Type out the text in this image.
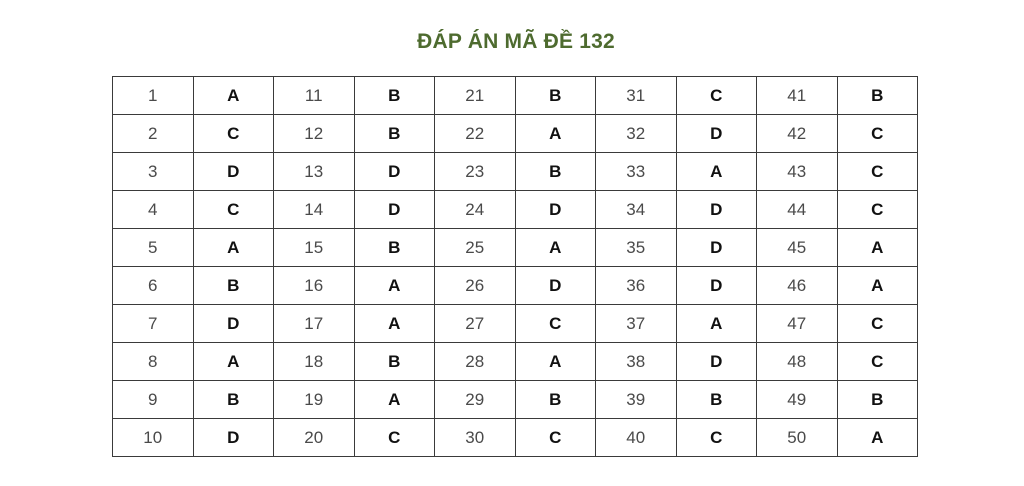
ĐÁP ÁN MÃ ĐỀ 132
1	A	11	B	21	B	31	C	41	B
2	C	12	B	22	A	32	D	42	C
3	D	13	D	23	B	33	A	43	C
4	C	14	D	24	D	34	D	44	C
5	A	15	B	25	A	35	D	45	A
6	B	16	A	26	D	36	D	46	A
7	D	17	A	27	C	37	A	47	C
8	A	18	B	28	A	38	D	48	C
9	B	19	A	29	B	39	B	49	B
10	D	20	C	30	C	40	C	50	A
